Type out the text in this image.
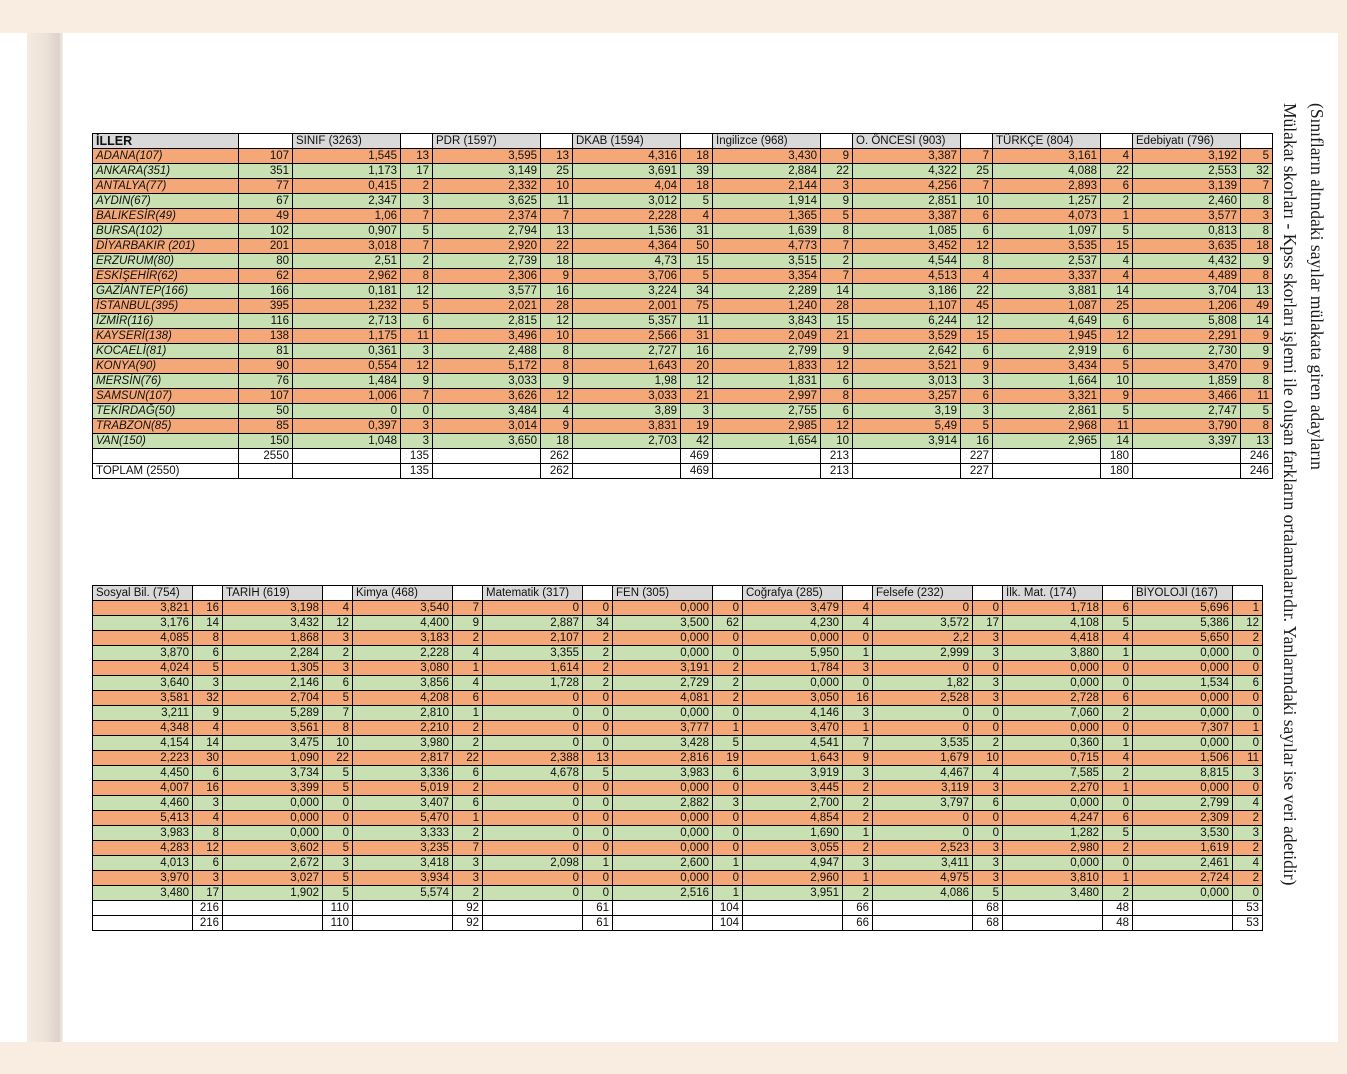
İLLER		SINIF (3263)		PDR (1597)		DKAB (1594)		İngilizce (968)		O. ÖNCESİ (903)		TÜRKÇE (804)		Edebiyatı (796)	
ADANA(107)	107	1,545	13	3,595	13	4,316	18	3,430	9	3,387	7	3,161	4	3,192	5
ANKARA(351)	351	1,173	17	3,149	25	3,691	39	2,884	22	4,322	25	4,088	22	2,553	32
ANTALYA(77)	77	0,415	2	2,332	10	4,04	18	2,144	3	4,256	7	2,893	6	3,139	7
AYDIN(67)	67	2,347	3	3,625	11	3,012	5	1,914	9	2,851	10	1,257	2	2,460	8
BALIKESİR(49)	49	1,06	7	2,374	7	2,228	4	1,365	5	3,387	6	4,073	1	3,577	3
BURSA(102)	102	0,907	5	2,794	13	1,536	31	1,639	8	1,085	6	1,097	5	0,813	8
DİYARBAKIR (201)	201	3,018	7	2,920	22	4,364	50	4,773	7	3,452	12	3,535	15	3,635	18
ERZURUM(80)	80	2,51	2	2,739	18	4,73	15	3,515	2	4,544	8	2,537	4	4,432	9
ESKİŞEHİR(62)	62	2,962	8	2,306	9	3,706	5	3,354	7	4,513	4	3,337	4	4,489	8
GAZİANTEP(166)	166	0,181	12	3,577	16	3,224	34	2,289	14	3,186	22	3,881	14	3,704	13
İSTANBUL(395)	395	1,232	5	2,021	28	2,001	75	1,240	28	1,107	45	1,087	25	1,206	49
İZMİR(116)	116	2,713	6	2,815	12	5,357	11	3,843	15	6,244	12	4,649	6	5,808	14
KAYSERİ(138)	138	1,175	11	3,496	10	2,566	31	2,049	21	3,529	15	1,945	12	2,291	9
KOCAELİ(81)	81	0,361	3	2,488	8	2,727	16	2,799	9	2,642	6	2,919	6	2,730	9
KONYA(90)	90	0,554	12	5,172	8	1,643	20	1,833	12	3,521	9	3,434	5	3,470	9
MERSİN(76)	76	1,484	9	3,033	9	1,98	12	1,831	6	3,013	3	1,664	10	1,859	8
SAMSUN(107)	107	1,006	7	3,626	12	3,033	21	2,997	8	3,257	6	3,321	9	3,466	11
TEKİRDAĞ(50)	50	0	0	3,484	4	3,89	3	2,755	6	3,19	3	2,861	5	2,747	5
TRABZON(85)	85	0,397	3	3,014	9	3,831	19	2,985	12	5,49	5	2,968	11	3,790	8
VAN(150)	150	1,048	3	3,650	18	2,703	42	1,654	10	3,914	16	2,965	14	3,397	13
	2550		135		262		469		213		227		180		246
TOPLAM (2550)			135		262		469		213		227		180		246
Sosyal Bil. (754)		TARİH (619)		Kimya (468)		Matematik (317)		FEN (305)		Coğrafya (285)		Felsefe (232)		İlk. Mat. (174)		BİYOLOJİ (167)	
3,821	16	3,198	4	3,540	7	0	0	0,000	0	3,479	4	0	0	1,718	6	5,696	1
3,176	14	3,432	12	4,400	9	2,887	34	3,500	62	4,230	4	3,572	17	4,108	5	5,386	12
4,085	8	1,868	3	3,183	2	2,107	2	0,000	0	0,000	0	2,2	3	4,418	4	5,650	2
3,870	6	2,284	2	2,228	4	3,355	2	0,000	0	5,950	1	2,999	3	3,880	1	0,000	0
4,024	5	1,305	3	3,080	1	1,614	2	3,191	2	1,784	3	0	0	0,000	0	0,000	0
3,640	3	2,146	6	3,856	4	1,728	2	2,729	2	0,000	0	1,82	3	0,000	0	1,534	6
3,581	32	2,704	5	4,208	6	0	0	4,081	2	3,050	16	2,528	3	2,728	6	0,000	0
3,211	9	5,289	7	2,810	1	0	0	0,000	0	4,146	3	0	0	7,060	2	0,000	0
4,348	4	3,561	8	2,210	2	0	0	3,777	1	3,470	1	0	0	0,000	0	7,307	1
4,154	14	3,475	10	3,980	2	0	0	3,428	5	4,541	7	3,535	2	0,360	1	0,000	0
2,223	30	1,090	22	2,817	22	2,388	13	2,816	19	1,643	9	1,679	10	0,715	4	1,506	11
4,450	6	3,734	5	3,336	6	4,678	5	3,983	6	3,919	3	4,467	4	7,585	2	8,815	3
4,007	16	3,399	5	5,019	2	0	0	0,000	0	3,445	2	3,119	3	2,270	1	0,000	0
4,460	3	0,000	0	3,407	6	0	0	2,882	3	2,700	2	3,797	6	0,000	0	2,799	4
5,413	4	0,000	0	5,470	1	0	0	0,000	0	4,854	2	0	0	4,247	6	2,309	2
3,983	8	0,000	0	3,333	2	0	0	0,000	0	1,690	1	0	0	1,282	5	3,530	3
4,283	12	3,602	5	3,235	7	0	0	0,000	0	3,055	2	2,523	3	2,980	2	1,619	2
4,013	6	2,672	3	3,418	3	2,098	1	2,600	1	4,947	3	3,411	3	0,000	0	2,461	4
3,970	3	3,027	5	3,934	3	0	0	0,000	0	2,960	1	4,975	3	3,810	1	2,724	2
3,480	17	1,902	5	5,574	2	0	0	2,516	1	3,951	2	4,086	5	3,480	2	0,000	0
	216		110		92		61		104		66		68		48		53
	216		110		92		61		104		66		68		48		53
(Sınıfların altındaki sayılar mülakata giren adayların
Mülakat skorları - Kpss skorları işlemi ile oluşan farkların ortalamalarıdır. Yanlarındaki sayılar ise veri adetidir)
